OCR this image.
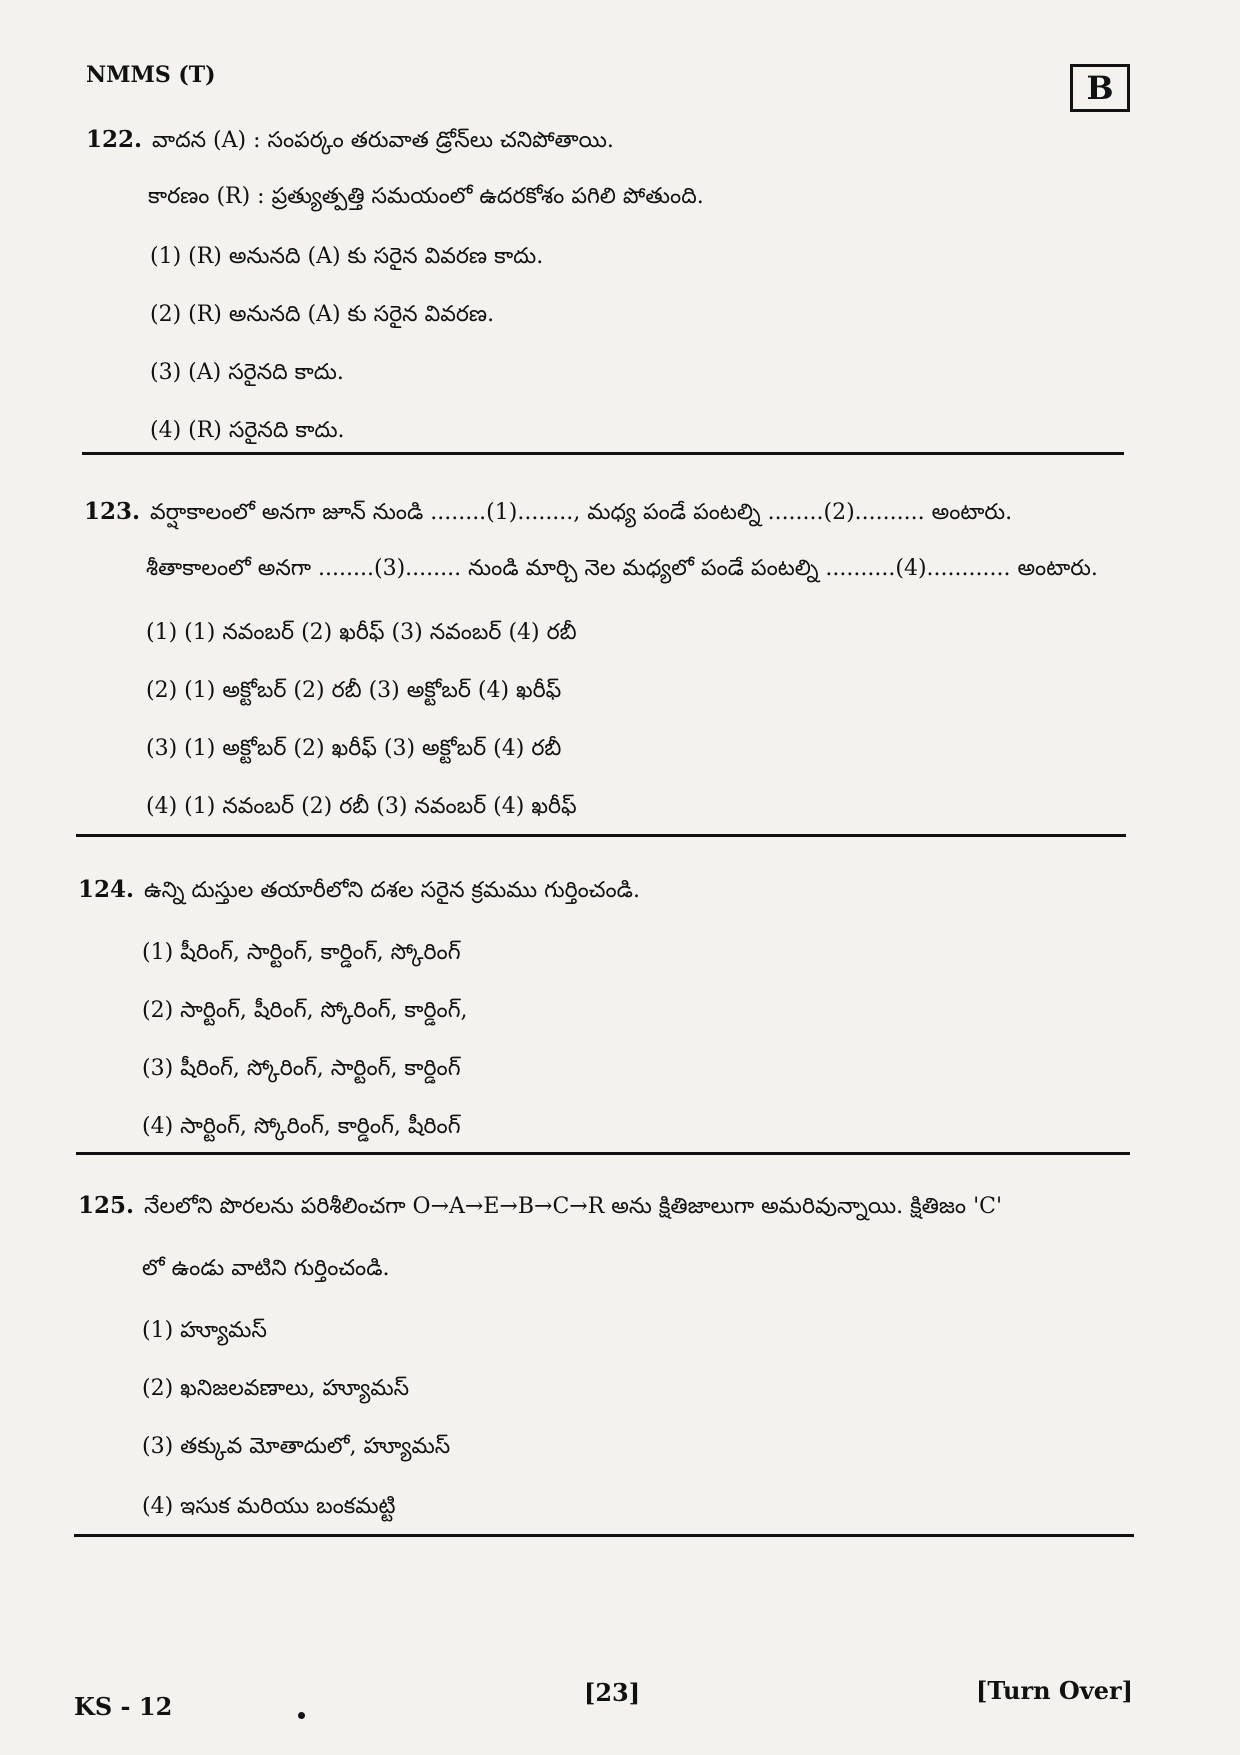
NMMS (T)	B
122. వాదన (A) : సంపర్కం తరువాత డ్రోన్‌లు చనిపోతాయి.
కారణం (R) : ప్రత్యుత్పత్తి సమయంలో ఉదరకోశం పగిలి పోతుంది.
(1) (R) అనునది (A) కు సరైన వివరణ కాదు.
(2) (R) అనునది (A) కు సరైన వివరణ.
(3) (A) సరైనది కాదు.
(4) (R) సరైనది కాదు.
123. వర్షాకాలంలో అనగా జూన్ నుండి ........(1)........, మధ్య పండే పంటల్ని ........(2).......... అంటారు.
శీతాకాలంలో అనగా ........(3)........ నుండి మార్చి నెల మధ్యలో పండే పంటల్ని ..........(4)............ అంటారు.
(1) (1) నవంబర్ (2) ఖరీఫ్ (3) నవంబర్ (4) రబీ
(2) (1) అక్టోబర్ (2) రబీ (3) అక్టోబర్ (4) ఖరీఫ్
(3) (1) అక్టోబర్ (2) ఖరీఫ్ (3) అక్టోబర్ (4) రబీ
(4) (1) నవంబర్ (2) రబీ (3) నవంబర్ (4) ఖరీఫ్
124. ఉన్ని దుస్తుల తయారీలోని దశల సరైన క్రమము గుర్తించండి.
(1) షీరింగ్, సార్టింగ్, కార్డింగ్, స్కోరింగ్
(2) సార్టింగ్, షీరింగ్, స్కోరింగ్, కార్డింగ్,
(3) షీరింగ్, స్కోరింగ్, సార్టింగ్, కార్డింగ్
(4) సార్టింగ్, స్కోరింగ్, కార్డింగ్, షీరింగ్
125. నేలలోని పొరలను పరిశీలించగా O→A→E→B→C→R అను క్షితిజాలుగా అమరివున్నాయి. క్షితిజం 'C'
లో ఉండు వాటిని గుర్తించండి.
(1) హ్యూమస్
(2) ఖనిజలవణాలు, హ్యూమస్
(3) తక్కువ మోతాదులో, హ్యూమస్
(4) ఇసుక మరియు బంకమట్టి
KS - 12	[23]	[Turn Over]
